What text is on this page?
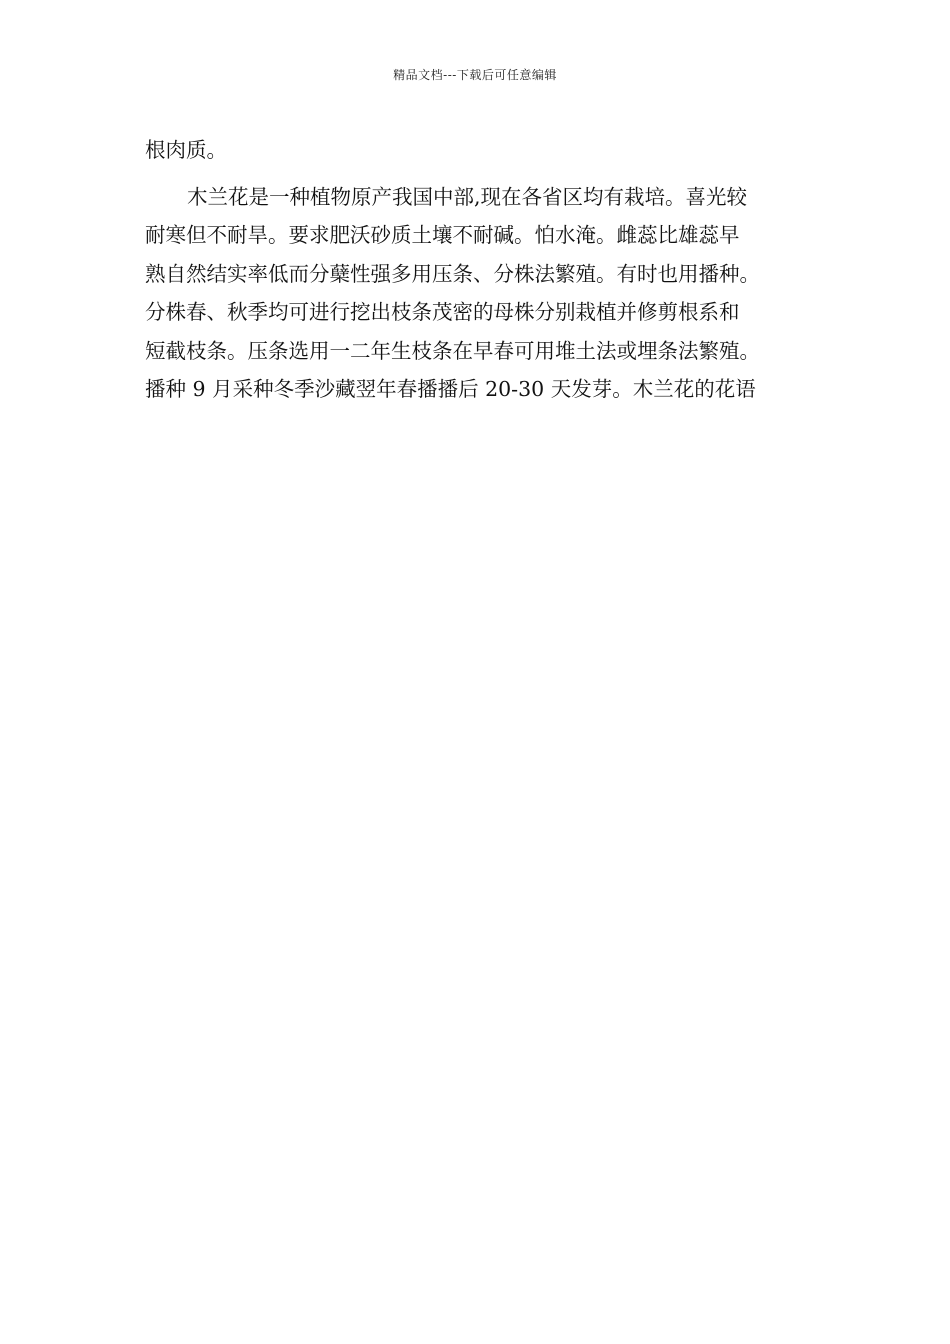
精品文档---下载后可任意编辑

根肉质。

木兰花是一种植物原产我国中部,现在各省区均有栽培。喜光较
耐寒但不耐旱。要求肥沃砂质土壤不耐碱。怕水淹。雌蕊比雄蕊早
熟自然结实率低而分蘖性强多用压条、分株法繁殖。有时也用播种。
分株春、秋季均可进行挖出枝条茂密的母株分别栽植并修剪根系和
短截枝条。压条选用一二年生枝条在早春可用堆土法或埋条法繁殖。
播种 9 月采种冬季沙藏翌年春播播后 20-30 天发芽。木兰花的花语
